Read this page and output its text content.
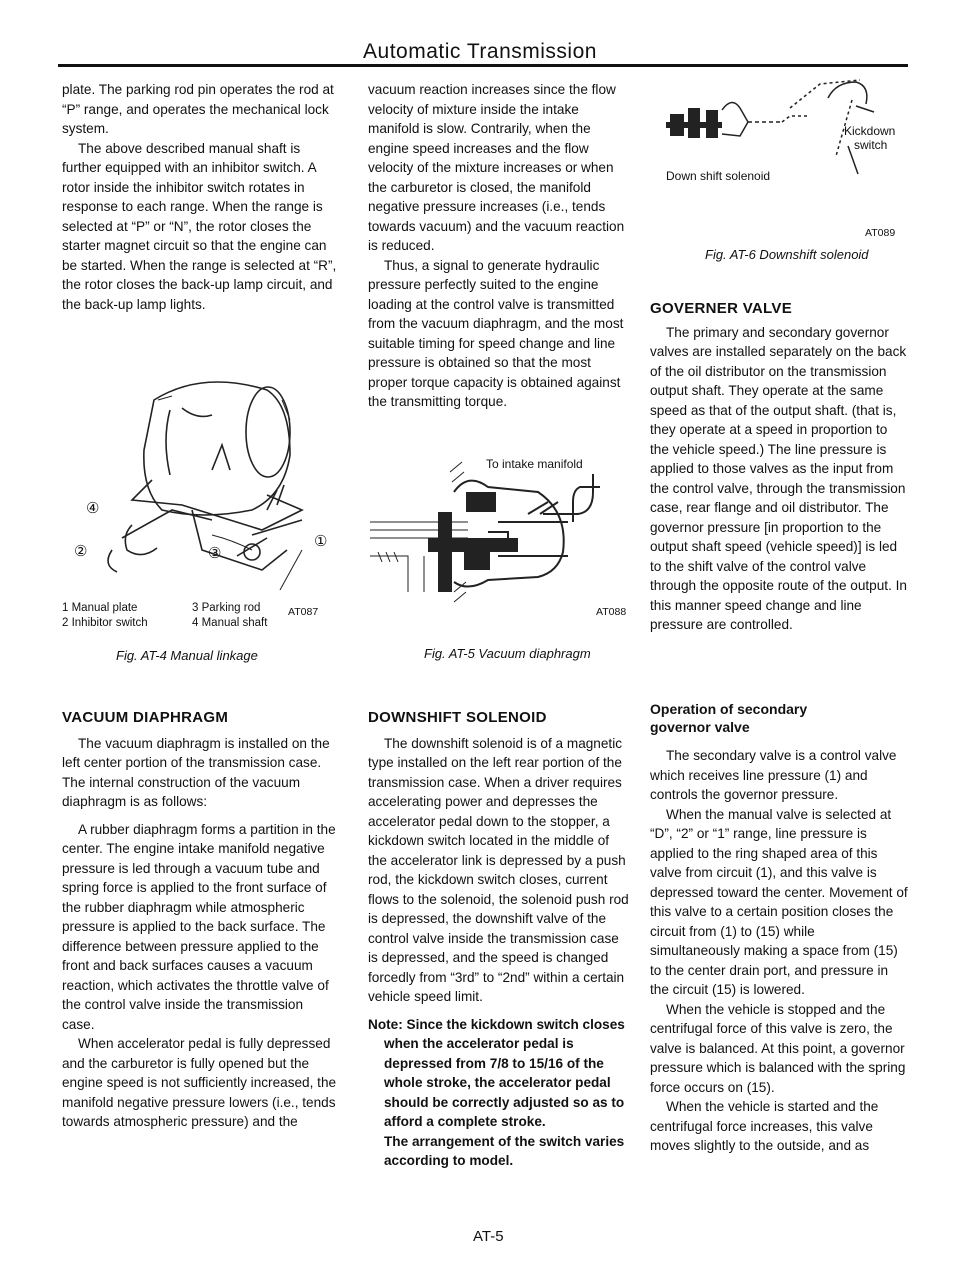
Automatic Transmission

plate. The parking rod pin operates the rod at “P” range, and operates the mechanical lock system.

The above described manual shaft is further equipped with an inhibitor switch. A rotor inside the inhibitor switch rotates in response to each range. When the range is selected at “P” or “N”, the rotor closes the starter magnet circuit so that the engine can be started. When the range is selected at “R”, the rotor closes the back-up lamp circuit, and the back-up lamp lights.

④
②	③
①
AT087
1 Manual plate
2 Inhibitor switch
3 Parking rod
4 Manual shaft
Fig. AT-4 Manual linkage

VACUUM DIAPHRAGM

The vacuum diaphragm is installed on the left center portion of the transmission case. The internal construction of the vacuum diaphragm is as follows:

A rubber diaphragm forms a partition in the center. The engine intake manifold negative pressure is led through a vacuum tube and spring force is applied to the front surface of the rubber diaphragm while atmospheric pressure is applied to the back surface. The difference between pressure applied to the front and back surfaces causes a vacuum reaction, which activates the throttle valve of the control valve inside the transmission case.

When accelerator pedal is fully depressed and the carburetor is fully opened but the engine speed is not sufficiently increased, the manifold negative pressure lowers (i.e., tends towards atmospheric pressure) and the

vacuum reaction increases since the flow velocity of mixture inside the intake manifold is slow. Contrarily, when the engine speed increases and the flow velocity of the mixture increases or when the carburetor is closed, the manifold negative pressure increases (i.e., tends towards vacuum) and the vacuum reaction is reduced.

Thus, a signal to generate hydraulic pressure perfectly suited to the engine loading at the control valve is transmitted from the vacuum diaphragm, and the most suitable timing for speed change and line pressure is obtained so that the most proper torque capacity is obtained against the transmitting torque.

To intake manifold
AT088
Fig. AT-5 Vacuum diaphragm

DOWNSHIFT SOLENOID

The downshift solenoid is of a magnetic type installed on the left rear portion of the transmission case. When a driver requires accelerating power and depresses the accelerator pedal down to the stopper, a kickdown switch located in the middle of the accelerator link is depressed by a push rod, the kickdown switch closes, current flows to the solenoid, the solenoid push rod is depressed, the downshift valve of the control valve inside the transmission case is depressed, and the speed is changed forcedly from “3rd” to “2nd” within a certain vehicle speed limit.

Note: Since the kickdown switch closes when the accelerator pedal is depressed from 7/8 to 15/16 of the whole stroke, the accelerator pedal should be correctly adjusted so as to afford a complete stroke.

The arrangement of the switch varies according to model.

AT-5
Down shift solenoid
Kickdown
switch
AT089
Fig. AT-6 Downshift solenoid

GOVERNER VALVE

The primary and secondary governor valves are installed separately on the back of the oil distributor on the transmission output shaft. They operate at the same speed as that of the output shaft. (that is, they operate at a speed in proportion to the vehicle speed.) The line pressure is applied to those valves as the input from the control valve, through the transmission case, rear flange and oil distributor. The governor pressure [in proportion to the output shaft speed (vehicle speed)] is led to the shift valve of the control valve through the opposite route of the output. In this manner speed change and line pressure are controlled.

Operation of secondary

governor valve

The secondary valve is a control valve which receives line pressure (1) and controls the governor pressure.

When the manual valve is selected at “D”, “2” or “1” range, line pressure is applied to the ring shaped area of this valve from circuit (1), and this valve is depressed toward the center. Movement of this valve to a certain position closes the circuit from (1) to (15) while simultaneously making a space from (15) to the center drain port, and pressure in the circuit (15) is lowered.

When the vehicle is stopped and the centrifugal force of this valve is zero, the valve is balanced. At this point, a governor pressure which is balanced with the spring force occurs on (15).

When the vehicle is started and the centrifugal force increases, this valve moves slightly to the outside, and as
